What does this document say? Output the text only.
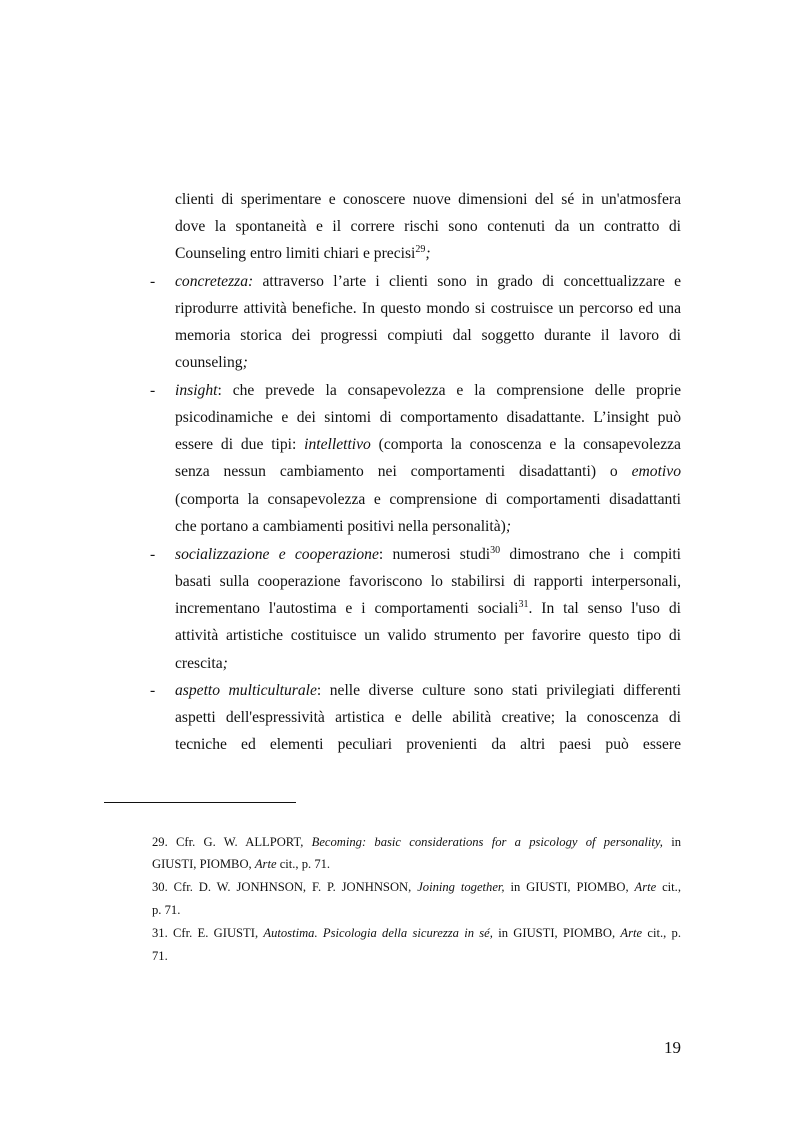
clienti di sperimentare e conoscere nuove dimensioni del sé in un'atmosfera
dove la spontaneità e il correre rischi sono contenuti da un contratto di
Counseling entro limiti chiari e precisi$^{29}$;
- concretezza: attraverso l’arte i clienti sono in grado di concettualizzare e
riprodurre attività benefiche. In questo mondo si costruisce un percorso ed una
memoria storica dei progressi compiuti dal soggetto durante il lavoro di
counseling;
- insight: che prevede la consapevolezza e la comprensione delle proprie
psicodinamiche e dei sintomi di comportamento disadattante. L’insight può
essere di due tipi: intellettivo (comporta la conoscenza e la consapevolezza
senza nessun cambiamento nei comportamenti disadattanti) o emotivo
(comporta la consapevolezza e comprensione di comportamenti disadattanti
che portano a cambiamenti positivi nella personalità);
- socializzazione e cooperazione: numerosi studi$^{30}$ dimostrano che i compiti
basati sulla cooperazione favoriscono lo stabilirsi di rapporti interpersonali,
incrementano l'autostima e i comportamenti sociali$^{31}$. In tal senso l'uso di
attività artistiche costituisce un valido strumento per favorire questo tipo di
crescita;
- aspetto multiculturale: nelle diverse culture sono stati privilegiati differenti
aspetti dell'espressività artistica e delle abilità creative; la conoscenza di
tecniche ed elementi peculiari provenienti da altri paesi può essere
29. Cfr. G. W. ALLPORT, Becoming: basic considerations for a psicology of personality, in
GIUSTI, PIOMBO, Arte cit., p. 71.
30. Cfr. D. W. JONHNSON, F. P. JONHNSON, Joining together, in GIUSTI, PIOMBO, Arte cit.,
p. 71.
31. Cfr. E. GIUSTI, Autostima. Psicologia della sicurezza in sé, in GIUSTI, PIOMBO, Arte cit., p.
71.
19
